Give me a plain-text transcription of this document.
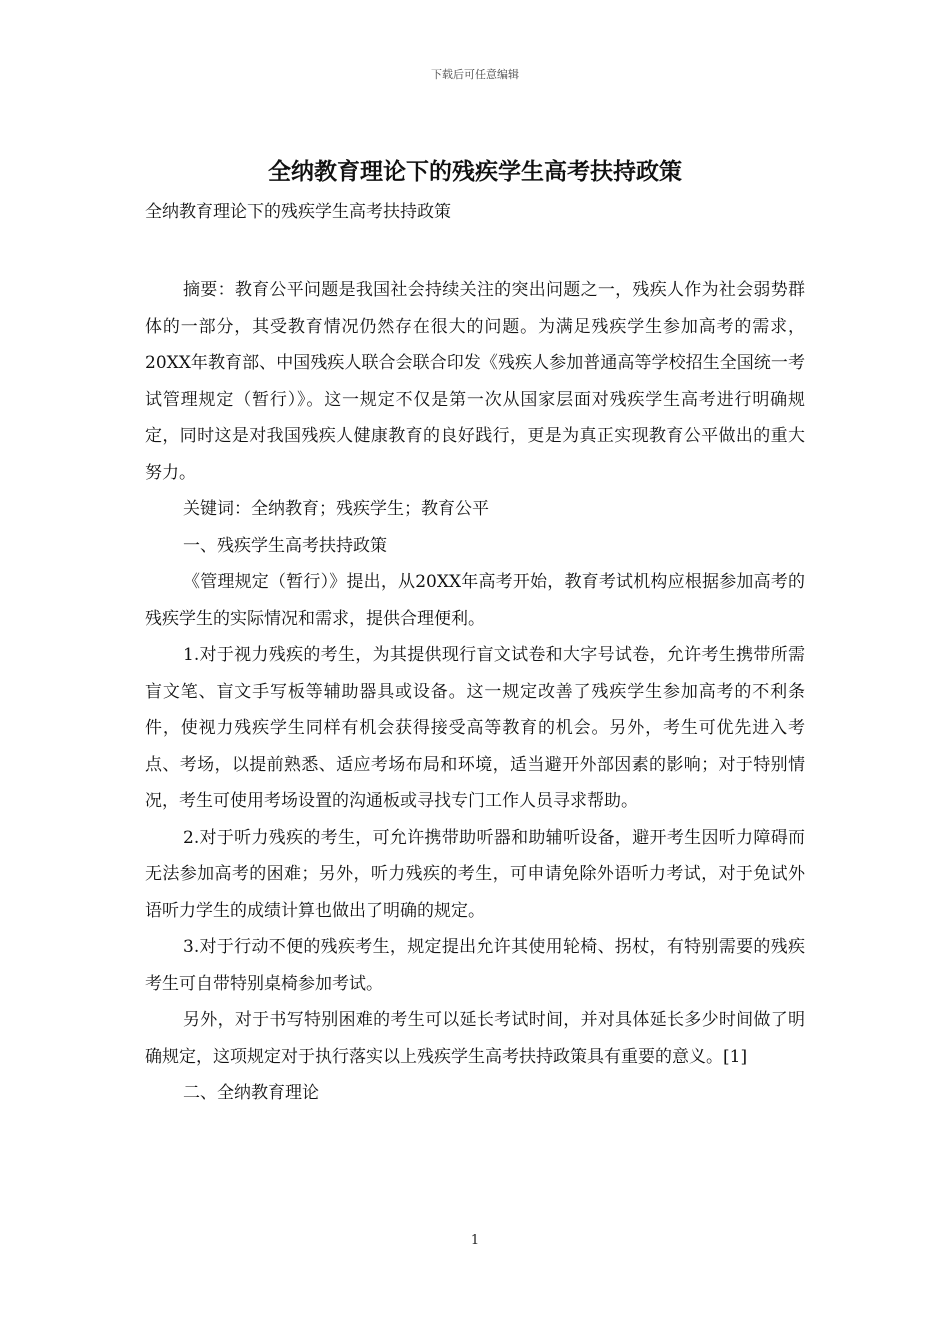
下载后可任意编辑
全纳教育理论下的残疾学生高考扶持政策
全纳教育理论下的残疾学生高考扶持政策

摘要：教育公平问题是我国社会持续关注的突出问题之一，残疾人作为社会弱势群体的一部分，其受教育情况仍然存在很大的问题。为满足残疾学生参加高考的需求，20XX年教育部、中国残疾人联合会联合印发《残疾人参加普通高等学校招生全国统一考试管理规定（暂行）》。这一规定不仅是第一次从国家层面对残疾学生高考进行明确规定，同时这是对我国残疾人健康教育的良好践行，更是为真正实现教育公平做出的重大努力。

关键词：全纳教育；残疾学生；教育公平

一、残疾学生高考扶持政策

《管理规定（暂行）》提出，从20XX年高考开始，教育考试机构应根据参加高考的残疾学生的实际情况和需求，提供合理便利。

1.对于视力残疾的考生，为其提供现行盲文试卷和大字号试卷，允许考生携带所需盲文笔、盲文手写板等辅助器具或设备。这一规定改善了残疾学生参加高考的不利条件，使视力残疾学生同样有机会获得接受高等教育的机会。另外，考生可优先进入考点、考场，以提前熟悉、适应考场布局和环境，适当避开外部因素的影响；对于特别情况，考生可使用考场设置的沟通板或寻找专门工作人员寻求帮助。

2.对于听力残疾的考生，可允许携带助听器和助辅听设备，避开考生因听力障碍而无法参加高考的困难；另外，听力残疾的考生，可申请免除外语听力考试，对于免试外语听力学生的成绩计算也做出了明确的规定。

3.对于行动不便的残疾考生，规定提出允许其使用轮椅、拐杖，有特别需要的残疾考生可自带特别桌椅参加考试。

另外，对于书写特别困难的考生可以延长考试时间，并对具体延长多少时间做了明确规定，这项规定对于执行落实以上残疾学生高考扶持政策具有重要的意义。[1]

二、全纳教育理论

1
